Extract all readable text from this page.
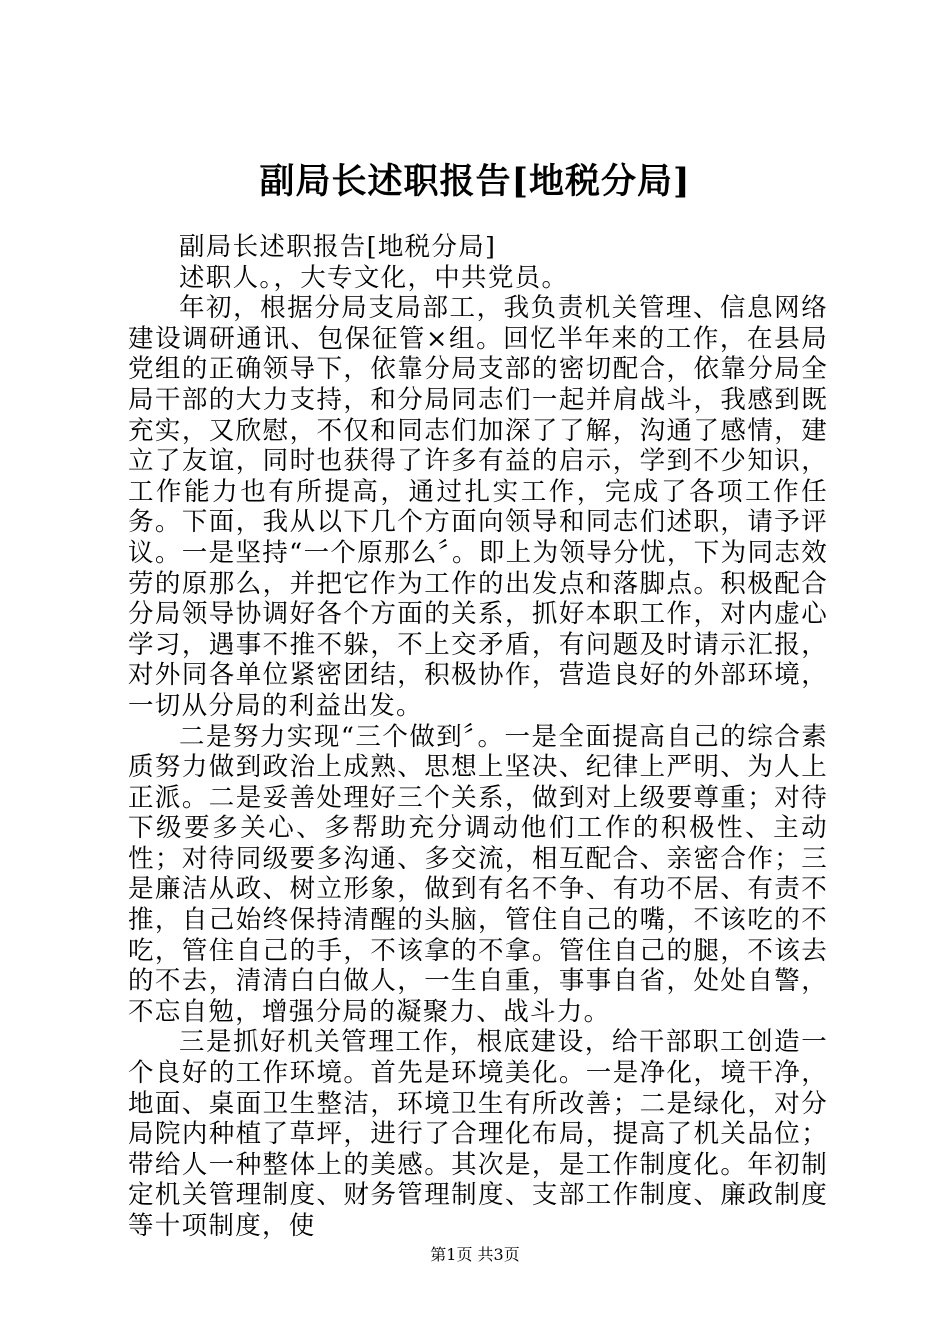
副局长述职报告[地税分局]

副局长述职报告[地税分局]

述职人。，大专文化，中共党员。

年初，根据分局支局部工，我负责机关管理、信息网络建设调研通讯、包保征管×组。回忆半年来的工作，在县局党组的正确领导下，依靠分局支部的密切配合，依靠分局全局干部的大力支持，和分局同志们一起并肩战斗，我感到既充实，又欣慰，不仅和同志们加深了了解，沟通了感情，建立了友谊，同时也获得了许多有益的启示，学到不少知识，工作能力也有所提高，通过扎实工作，完成了各项工作任务。下面，我从以下几个方面向领导和同志们述职，请予评议。一是坚持“一个原那么〞。即上为领导分忧，下为同志效劳的原那么，并把它作为工作的出发点和落脚点。积极配合分局领导协调好各个方面的关系，抓好本职工作，对内虚心学习，遇事不推不躲，不上交矛盾，有问题及时请示汇报，对外同各单位紧密团结，积极协作，营造良好的外部环境，一切从分局的利益出发。

二是努力实现“三个做到〞。一是全面提高自己的综合素质努力做到政治上成熟、思想上坚决、纪律上严明、为人上正派。二是妥善处理好三个关系，做到对上级要尊重；对待下级要多关心、多帮助充分调动他们工作的积极性、主动性；对待同级要多沟通、多交流，相互配合、亲密合作；三是廉洁从政、树立形象，做到有名不争、有功不居、有责不推，自己始终保持清醒的头脑，管住自己的嘴，不该吃的不吃，管住自己的手，不该拿的不拿。管住自己的腿，不该去的不去，清清白白做人，一生自重，事事自省，处处自警，不忘自勉，增强分局的凝聚力、战斗力。

三是抓好机关管理工作，根底建设，给干部职工创造一个良好的工作环境。首先是环境美化。一是净化，境干净，地面、桌面卫生整洁，环境卫生有所改善；二是绿化，对分局院内种植了草坪，进行了合理化布局，提高了机关品位；带给人一种整体上的美感。其次是，是工作制度化。年初制定机关管理制度、财务管理制度、支部工作制度、廉政制度等十项制度，使

第1页 共3页
